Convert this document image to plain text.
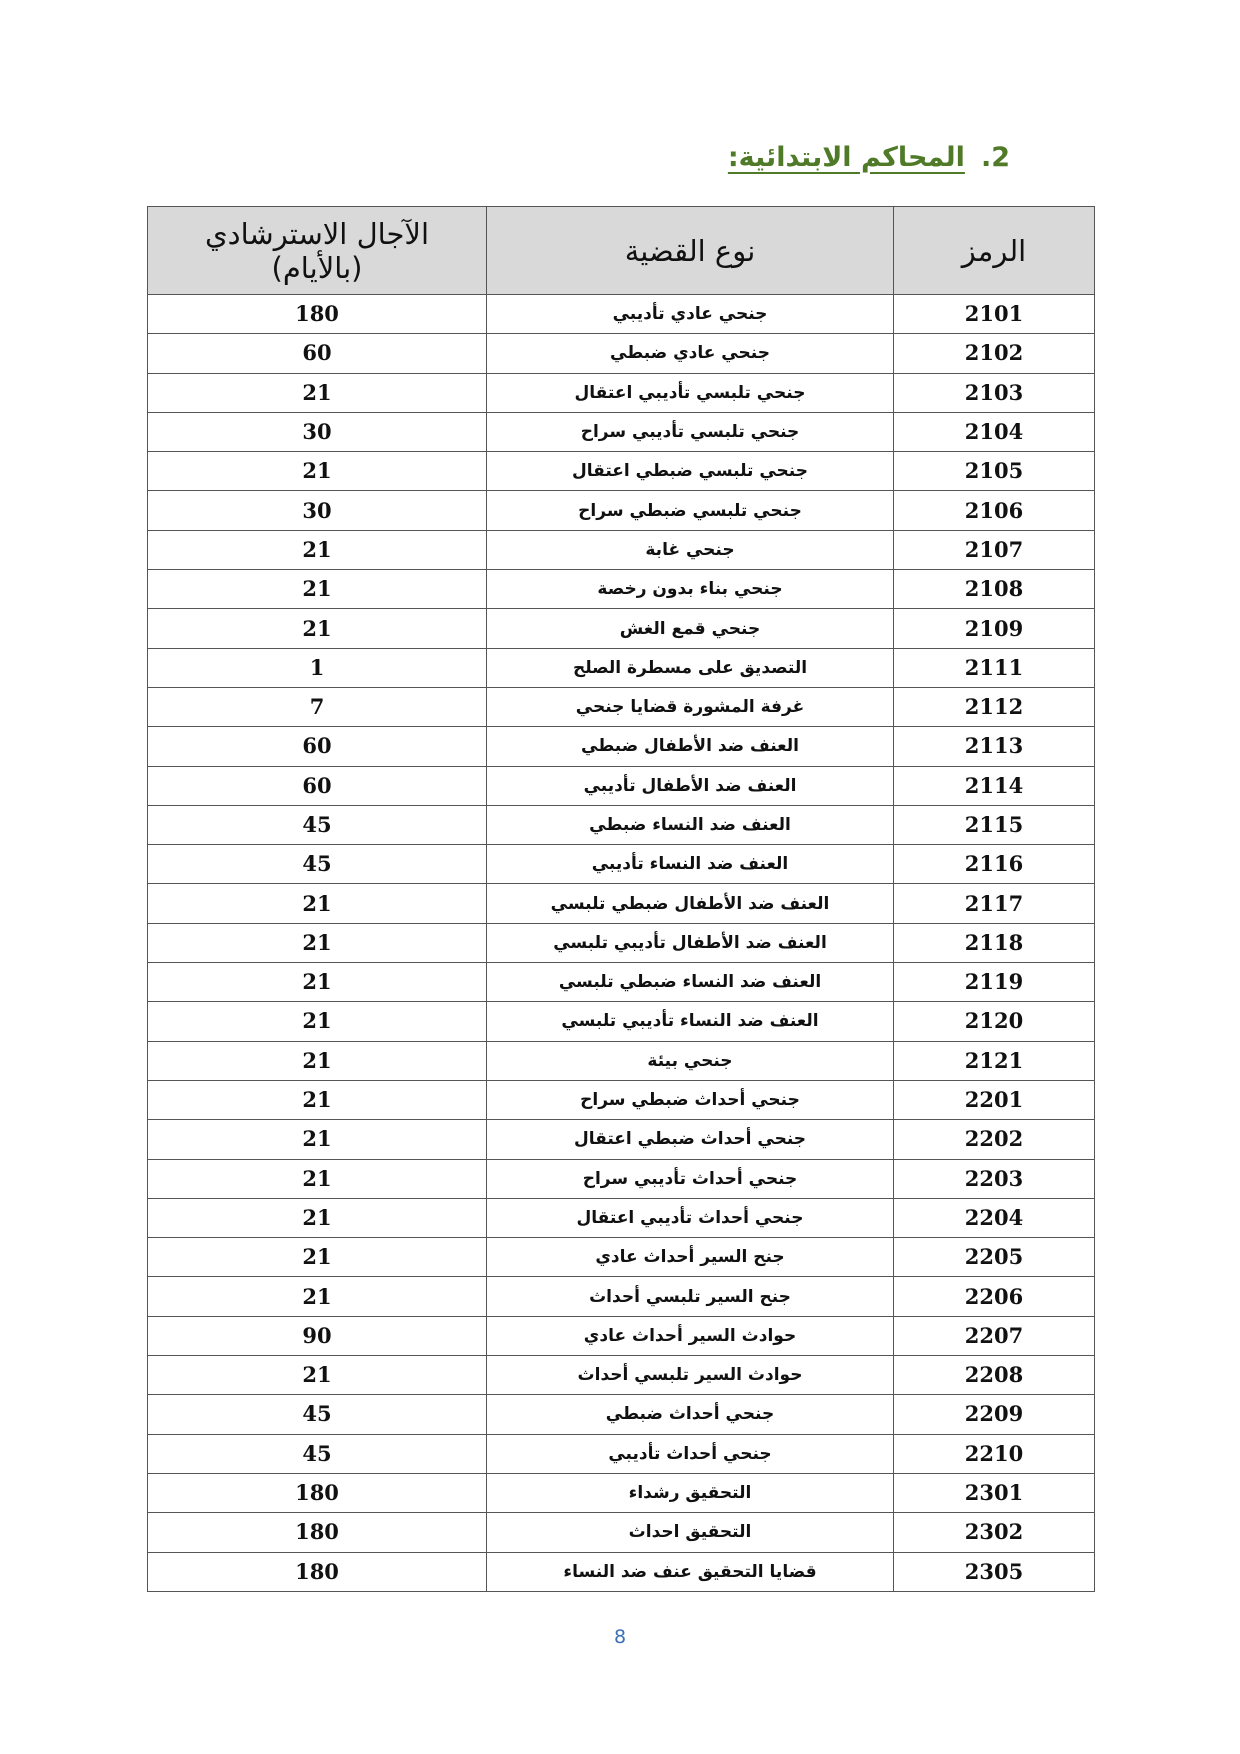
2.المحاكم الابتدائية:
الرمز	نوع القضية	الآجال الاسترشادي
(بالأيام)

2101	جنحي عادي تأديبي	180
2102	جنحي عادي ضبطي	60
2103	جنحي تلبسي تأديبي اعتقال	21
2104	جنحي تلبسي تأديبي سراح	30
2105	جنحي تلبسي ضبطي اعتقال	21
2106	جنحي تلبسي ضبطي سراح	30
2107	جنحي غابة	21
2108	جنحي بناء بدون رخصة	21
2109	جنحي قمع الغش	21
2111	التصديق على مسطرة الصلح	1
2112	غرفة المشورة قضايا جنحي	7
2113	العنف ضد الأطفال ضبطي	60
2114	العنف ضد الأطفال تأديبي	60
2115	العنف ضد النساء ضبطي	45
2116	العنف ضد النساء تأديبي	45
2117	العنف ضد الأطفال ضبطي تلبسي	21
2118	العنف ضد الأطفال تأديبي تلبسي	21
2119	العنف ضد النساء ضبطي تلبسي	21
2120	العنف ضد النساء تأديبي تلبسي	21
2121	جنحي بيئة	21
2201	جنحي أحداث ضبطي سراح	21
2202	جنحي أحداث ضبطي اعتقال	21
2203	جنحي أحداث تأديبي سراح	21
2204	جنحي أحداث تأديبي اعتقال	21
2205	جنح السير أحداث عادي	21
2206	جنح السير تلبسي أحداث	21
2207	حوادث السير أحداث عادي	90
2208	حوادث السير تلبسي أحداث	21
2209	جنحي أحداث ضبطي	45
2210	جنحي أحداث تأديبي	45
2301	التحقيق رشداء	180
2302	التحقيق احداث	180
2305	قضايا التحقيق عنف ضد النساء	180
8
